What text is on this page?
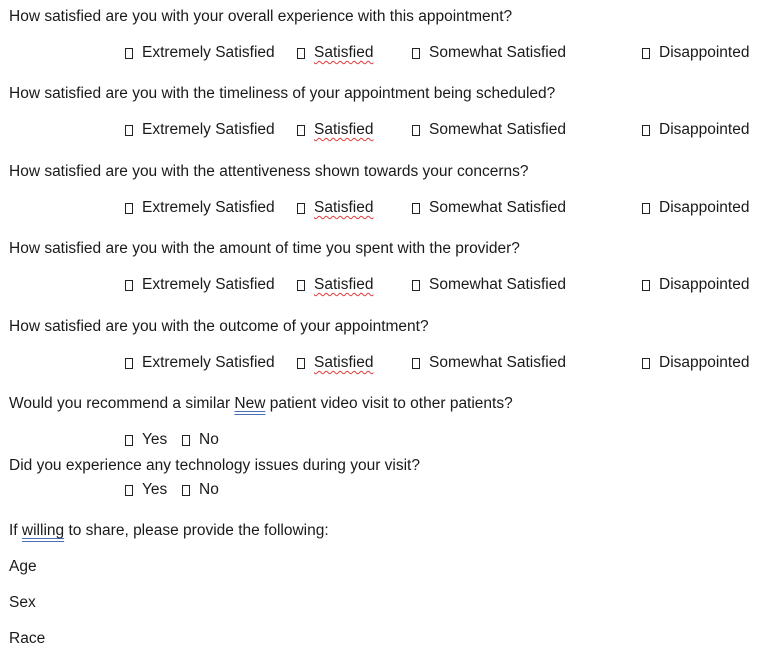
How satisfied are you with your overall experience with this appointment?
Extremely Satisfied	Satisfied	Somewhat Satisfied	Disappointed
How satisfied are you with the timeliness of your appointment being scheduled?
Extremely Satisfied	Satisfied	Somewhat Satisfied	Disappointed
How satisfied are you with the attentiveness shown towards your concerns?
Extremely Satisfied	Satisfied	Somewhat Satisfied	Disappointed
How satisfied are you with the amount of time you spent with the provider?
Extremely Satisfied	Satisfied	Somewhat Satisfied	Disappointed
How satisfied are you with the outcome of your appointment?
Extremely Satisfied	Satisfied	Somewhat Satisfied	Disappointed
Would you recommend a similar New patient video visit to other patients?
Yes No
Did you experience any technology issues during your visit?
Yes No
If willing to share, please provide the following:
Age
Sex
Race
